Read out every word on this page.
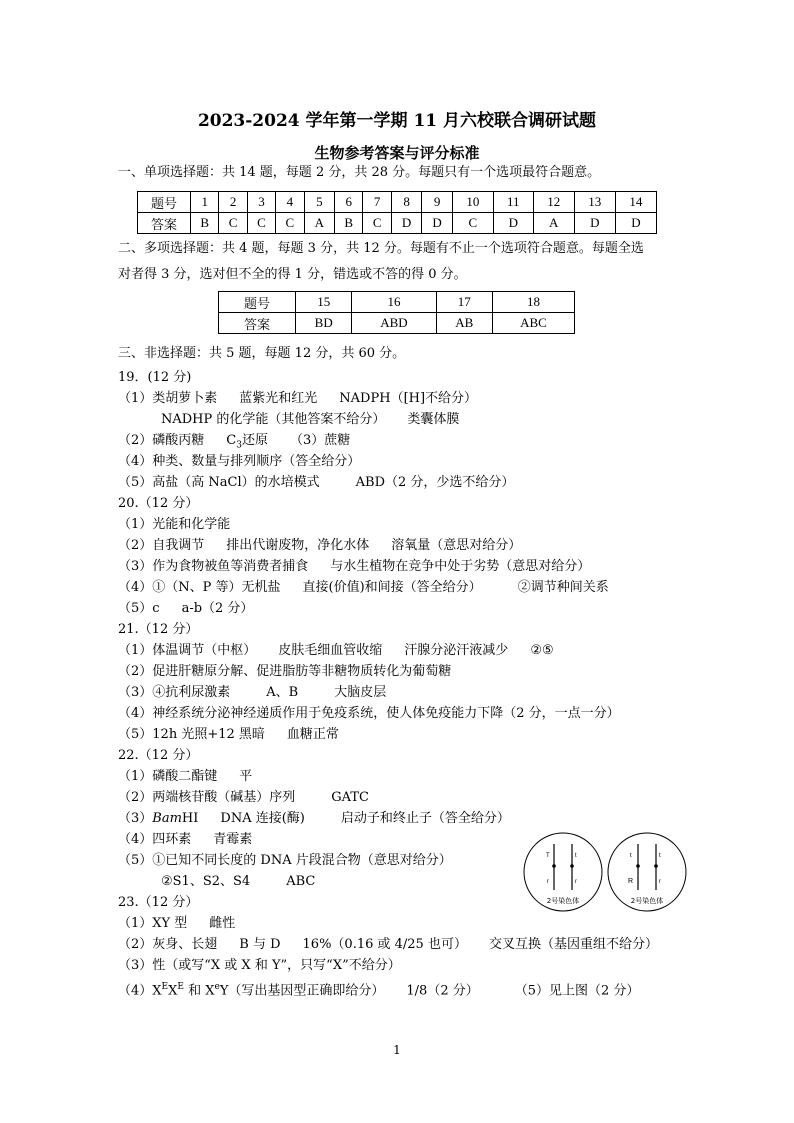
2023-2024 学年第一学期 11 月六校联合调研试题
生物参考答案与评分标准
一、单项选择题：共 14 题，每题 2 分，共 28 分。每题只有一个选项最符合题意。
题号	1	2	3	4	5	6	7	8	9	10	11	12	13	14
答案	B	C	C	C	A	B	C	D	D	C	D	A	D	D
二、多项选择题：共 4 题，每题 3 分，共 12 分。每题有不止一个选项符合题意。每题全选
对者得 3 分，选对但不全的得 1 分，错选或不答的得 0 分。
题号	15	16	17	18
答案	BD	ABD	AB	ABC
三、非选择题：共 5 题，每题 12 分，共 60 分。
19．(12 分)
（1）类胡萝卜素 蓝紫光和红光 NADPH（[H]不给分）
NADHP 的化学能（其他答案不给分） 类囊体膜
（2）磷酸丙糖 $C_3$还原 （3）蔗糖
（4）种类、数量与排列顺序（答全给分）
（5）高盐（高 NaCl）的水培模式	ABD（2 分，少选不给分）
20.（12 分）
（1）光能和化学能
（2）自我调节 排出代谢废物，净化水体 溶氧量（意思对给分）
（3）作为食物被鱼等消费者捕食 与水生植物在竞争中处于劣势（意思对给分）
（4）①（N、P 等）无机盐 直接(价值)和间接（答全给分）	②调节种间关系
（5）c a-b（2 分）
21.（12 分）
（1）体温调节（中枢） 皮肤毛细血管收缩 汗腺分泌汗液减少 ②⑤
（2）促进肝糖原分解、促进脂肪等非糖物质转化为葡萄糖
（3）④抗利尿激素	A、B	大脑皮层
（4）神经系统分泌神经递质作用于免疫系统，使人体免疫能力下降（2 分，一点一分）
（5）12h 光照+12 黑暗 血糖正常
22.（12 分）
（1）磷酸二酯键 平
（2）两端核苷酸（碱基）序列	GATC
（3）BamHI DNA 连接(酶)	启动子和终止子（答全给分）
（4）四环素 青霉素
（5）①已知不同长度的 DNA 片段混合物（意思对给分）
②S1、S2、S4	ABC
23.（12 分）
（1）XY 型 雌性
（2）灰身、长翅 B 与 D 16%（0.16 或 4/25 也可） 交叉互换（基因重组不给分）
（3）性（或写“X 或 X 和 Y”，只写“X”不给分）
$(4)X^EX^E$ 和 XeY（写出基因型正确即给分） 1/8（2 分）	（5）见上图（2 分）
T	t
r	r
2号染色体
t	t
R	r
2号染色体
1
